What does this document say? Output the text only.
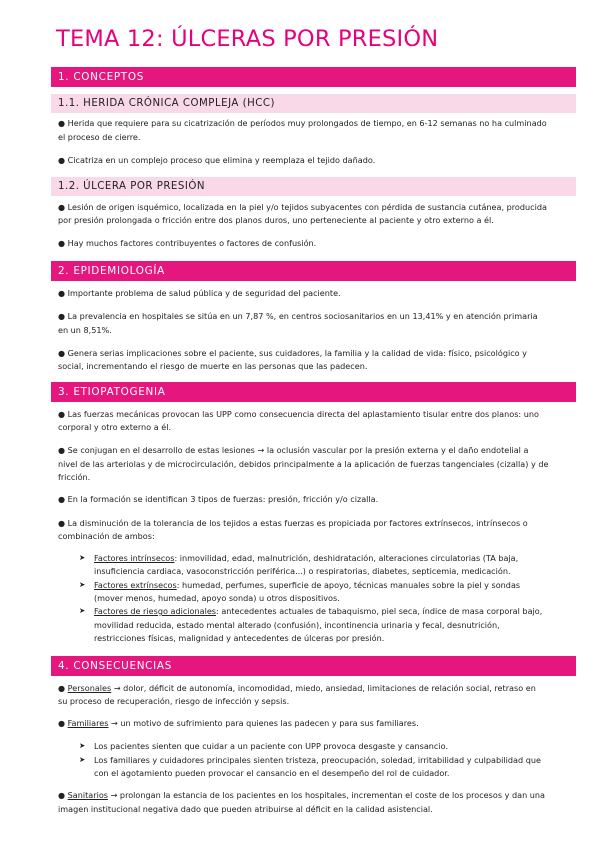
TEMA 12: ÚLCERAS POR PRESIÓN
1. CONCEPTOS
1.1. HERIDA CRÓNICA COMPLEJA (HCC)
● Herida que requiere para su cicatrización de períodos muy prolongados de tiempo, en 6-12 semanas no ha culminado
el proceso de cierre.
● Cicatriza en un complejo proceso que elimina y reemplaza el tejido dañado.
1.2. ÚLCERA POR PRESIÓN
● Lesión de origen isquémico, localizada en la piel y/o tejidos subyacentes con pérdida de sustancia cutánea, producida
por presión prolongada o fricción entre dos planos duros, uno perteneciente al paciente y otro externo a él.
● Hay muchos factores contribuyentes o factores de confusión.
2. EPIDEMIOLOGÍA
● Importante problema de salud pública y de seguridad del paciente.
● La prevalencia en hospitales se sitúa en un 7,87 %, en centros sociosanitarios en un 13,41% y en atención primaria
en un 8,51%.
● Genera serias implicaciones sobre el paciente, sus cuidadores, la familia y la calidad de vida: físico, psicológico y
social, incrementando el riesgo de muerte en las personas que las padecen.
3. ETIOPATOGENIA
● Las fuerzas mecánicas provocan las UPP como consecuencia directa del aplastamiento tisular entre dos planos: uno
corporal y otro externo a él.
● Se conjugan en el desarrollo de estas lesiones → la oclusión vascular por la presión externa y el daño endotelial a
nivel de las arteriolas y de microcirculación, debidos principalmente a la aplicación de fuerzas tangenciales (cizalla) y de
fricción.
● En la formación se identifican 3 tipos de fuerzas: presión, fricción y/o cizalla.
● La disminución de la tolerancia de los tejidos a estas fuerzas es propiciada por factores extrínsecos, intrínsecos o
combinación de ambos:
➤ Factores intrínsecos: inmovilidad, edad, malnutrición, deshidratación, alteraciones circulatorias (TA baja,
insuficiencia cardiaca, vasoconstricción periférica...) o respiratorias, diabetes, septicemia, medicación.
➤ Factores extrínsecos: humedad, perfumes, superficie de apoyo, técnicas manuales sobre la piel y sondas
(mover menos, humedad, apoyo sonda) u otros dispositivos.
➤ Factores de riesgo adicionales: antecedentes actuales de tabaquismo, piel seca, índice de masa corporal bajo,
movilidad reducida, estado mental alterado (confusión), incontinencia urinaria y fecal, desnutrición,
restricciones físicas, malignidad y antecedentes de úlceras por presión.
4. CONSECUENCIAS
● Personales → dolor, déficit de autonomía, incomodidad, miedo, ansiedad, limitaciones de relación social, retraso en
su proceso de recuperación, riesgo de infección y sepsis.
● Familiares → un motivo de sufrimiento para quienes las padecen y para sus familiares.
➤ Los pacientes sienten que cuidar a un paciente con UPP provoca desgaste y cansancio.
➤ Los familiares y cuidadores principales sienten tristeza, preocupación, soledad, irritabilidad y culpabilidad que
con el agotamiento pueden provocar el cansancio en el desempeño del rol de cuidador.
● Sanitarios → prolongan la estancia de los pacientes en los hospitales, incrementan el coste de los procesos y dan una
imagen institucional negativa dado que pueden atribuirse al déficit en la calidad asistencial.
